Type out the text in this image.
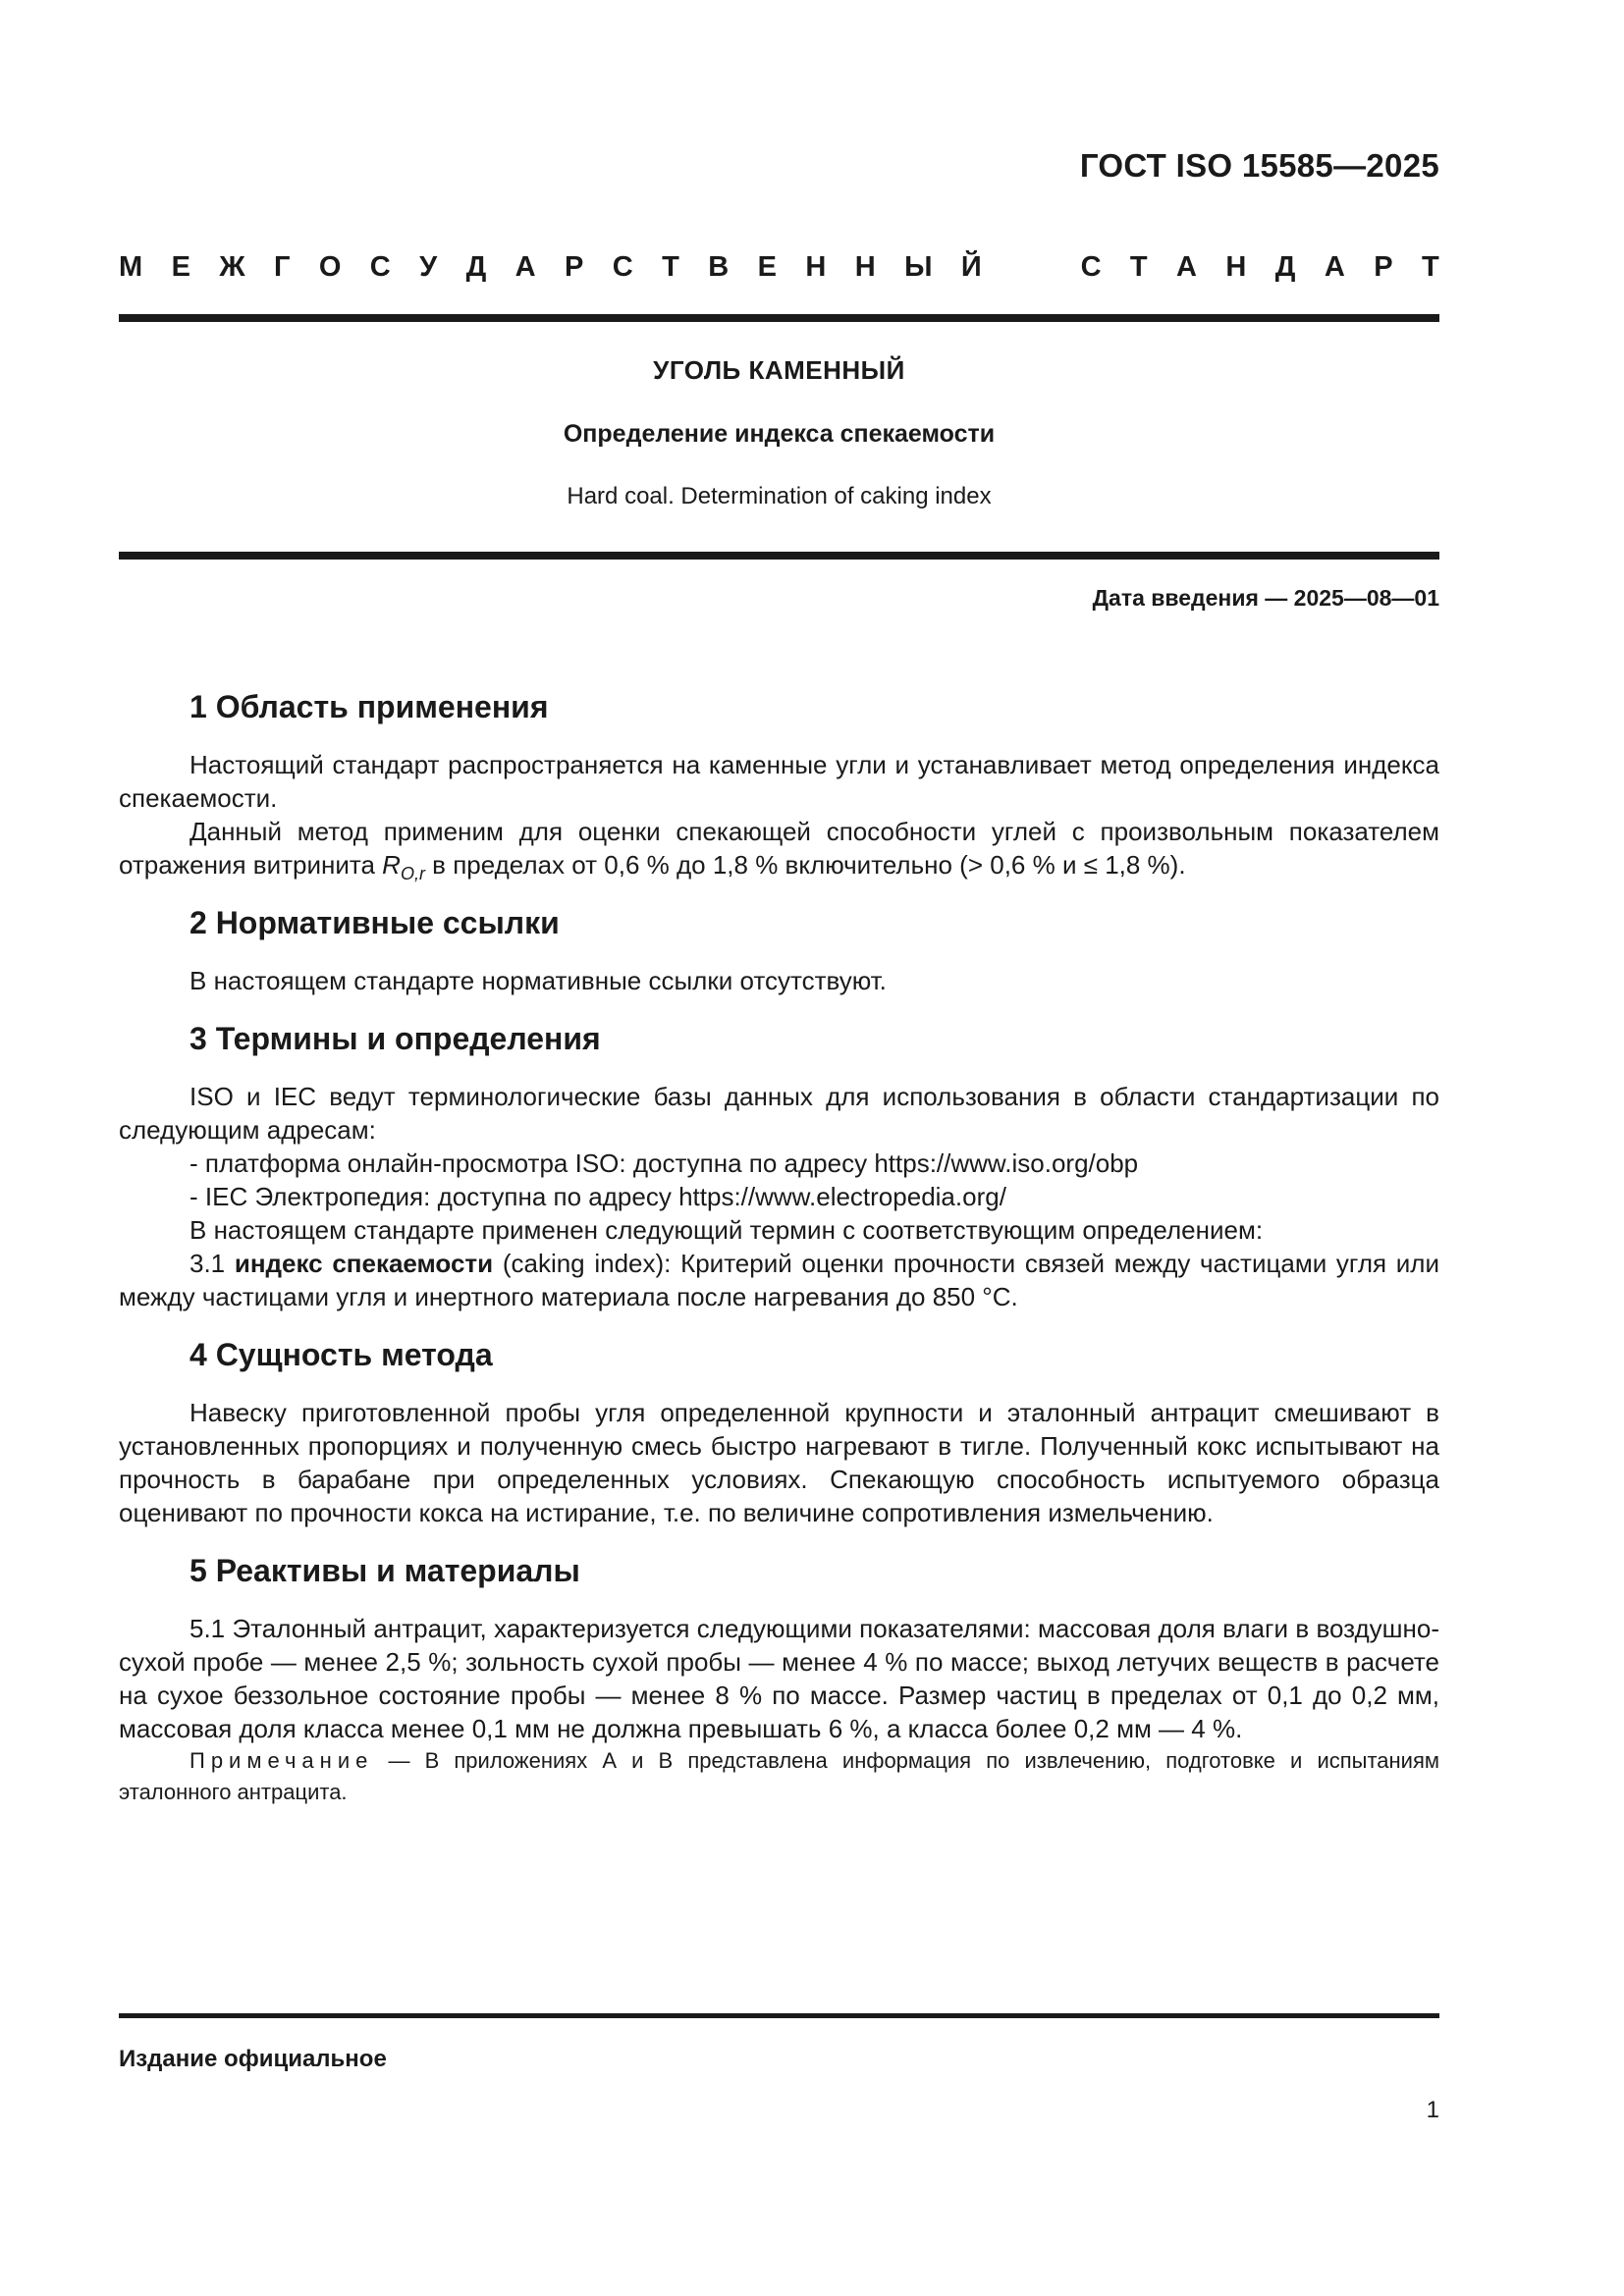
ГОСТ ISO 15585—2025
М Е Ж Г О С У Д А Р С Т В Е Н Н Ы Й	С Т А Н Д А Р Т
УГОЛЬ КАМЕННЫЙ
Определение индекса спекаемости
Hard coal. Determination of caking index
Дата введения — 2025—08—01
1 Область применения

Настоящий стандарт распространяется на каменные угли и устанавливает метод определения индекса спекаемости.

Данный метод применим для оценки спекающей способности углей с произвольным показателем отражения витринита $R_{O,r}$ в пределах от 0,6 % до 1,8 % включительно (> 0,6 % и ≤ 1,8 %).

2 Нормативные ссылки

В настоящем стандарте нормативные ссылки отсутствуют.

3 Термины и определения

ISO и IEC ведут терминологические базы данных для использования в области стандартизации по следующим адресам:

- платформа онлайн-просмотра ISO: доступна по адресу https://www.iso.org/obp

- IEC Электропедия: доступна по адресу https://www.electropedia.org/

В настоящем стандарте применен следующий термин с соответствующим определением:

3.1 индекс спекаемости (caking index): Критерий оценки прочности связей между частицами угля или между частицами угля и инертного материала после нагревания до 850 °С.

4 Сущность метода

Навеску приготовленной пробы угля определенной крупности и эталонный антрацит смешивают в установленных пропорциях и полученную смесь быстро нагревают в тигле. Полученный кокс испытывают на прочность в барабане при определенных условиях. Спекающую способность испытуемого образца оценивают по прочности кокса на истирание, т.е. по величине сопротивления измельчению.

5 Реактивы и материалы

5.1 Эталонный антрацит, характеризуется следующими показателями: массовая доля влаги в воздушно-сухой пробе — менее 2,5 %; зольность сухой пробы — менее 4 % по массе; выход летучих веществ в расчете на сухое беззольное состояние пробы — менее 8 % по массе. Размер частиц в пределах от 0,1 до 0,2 мм, массовая доля класса менее 0,1 мм не должна превышать 6 %, а класса более 0,2 мм — 4 %.

Примечание — В приложениях А и В представлена информация по извлечению, подготовке и испытаниям эталонного антрацита.

Издание официальное
1
